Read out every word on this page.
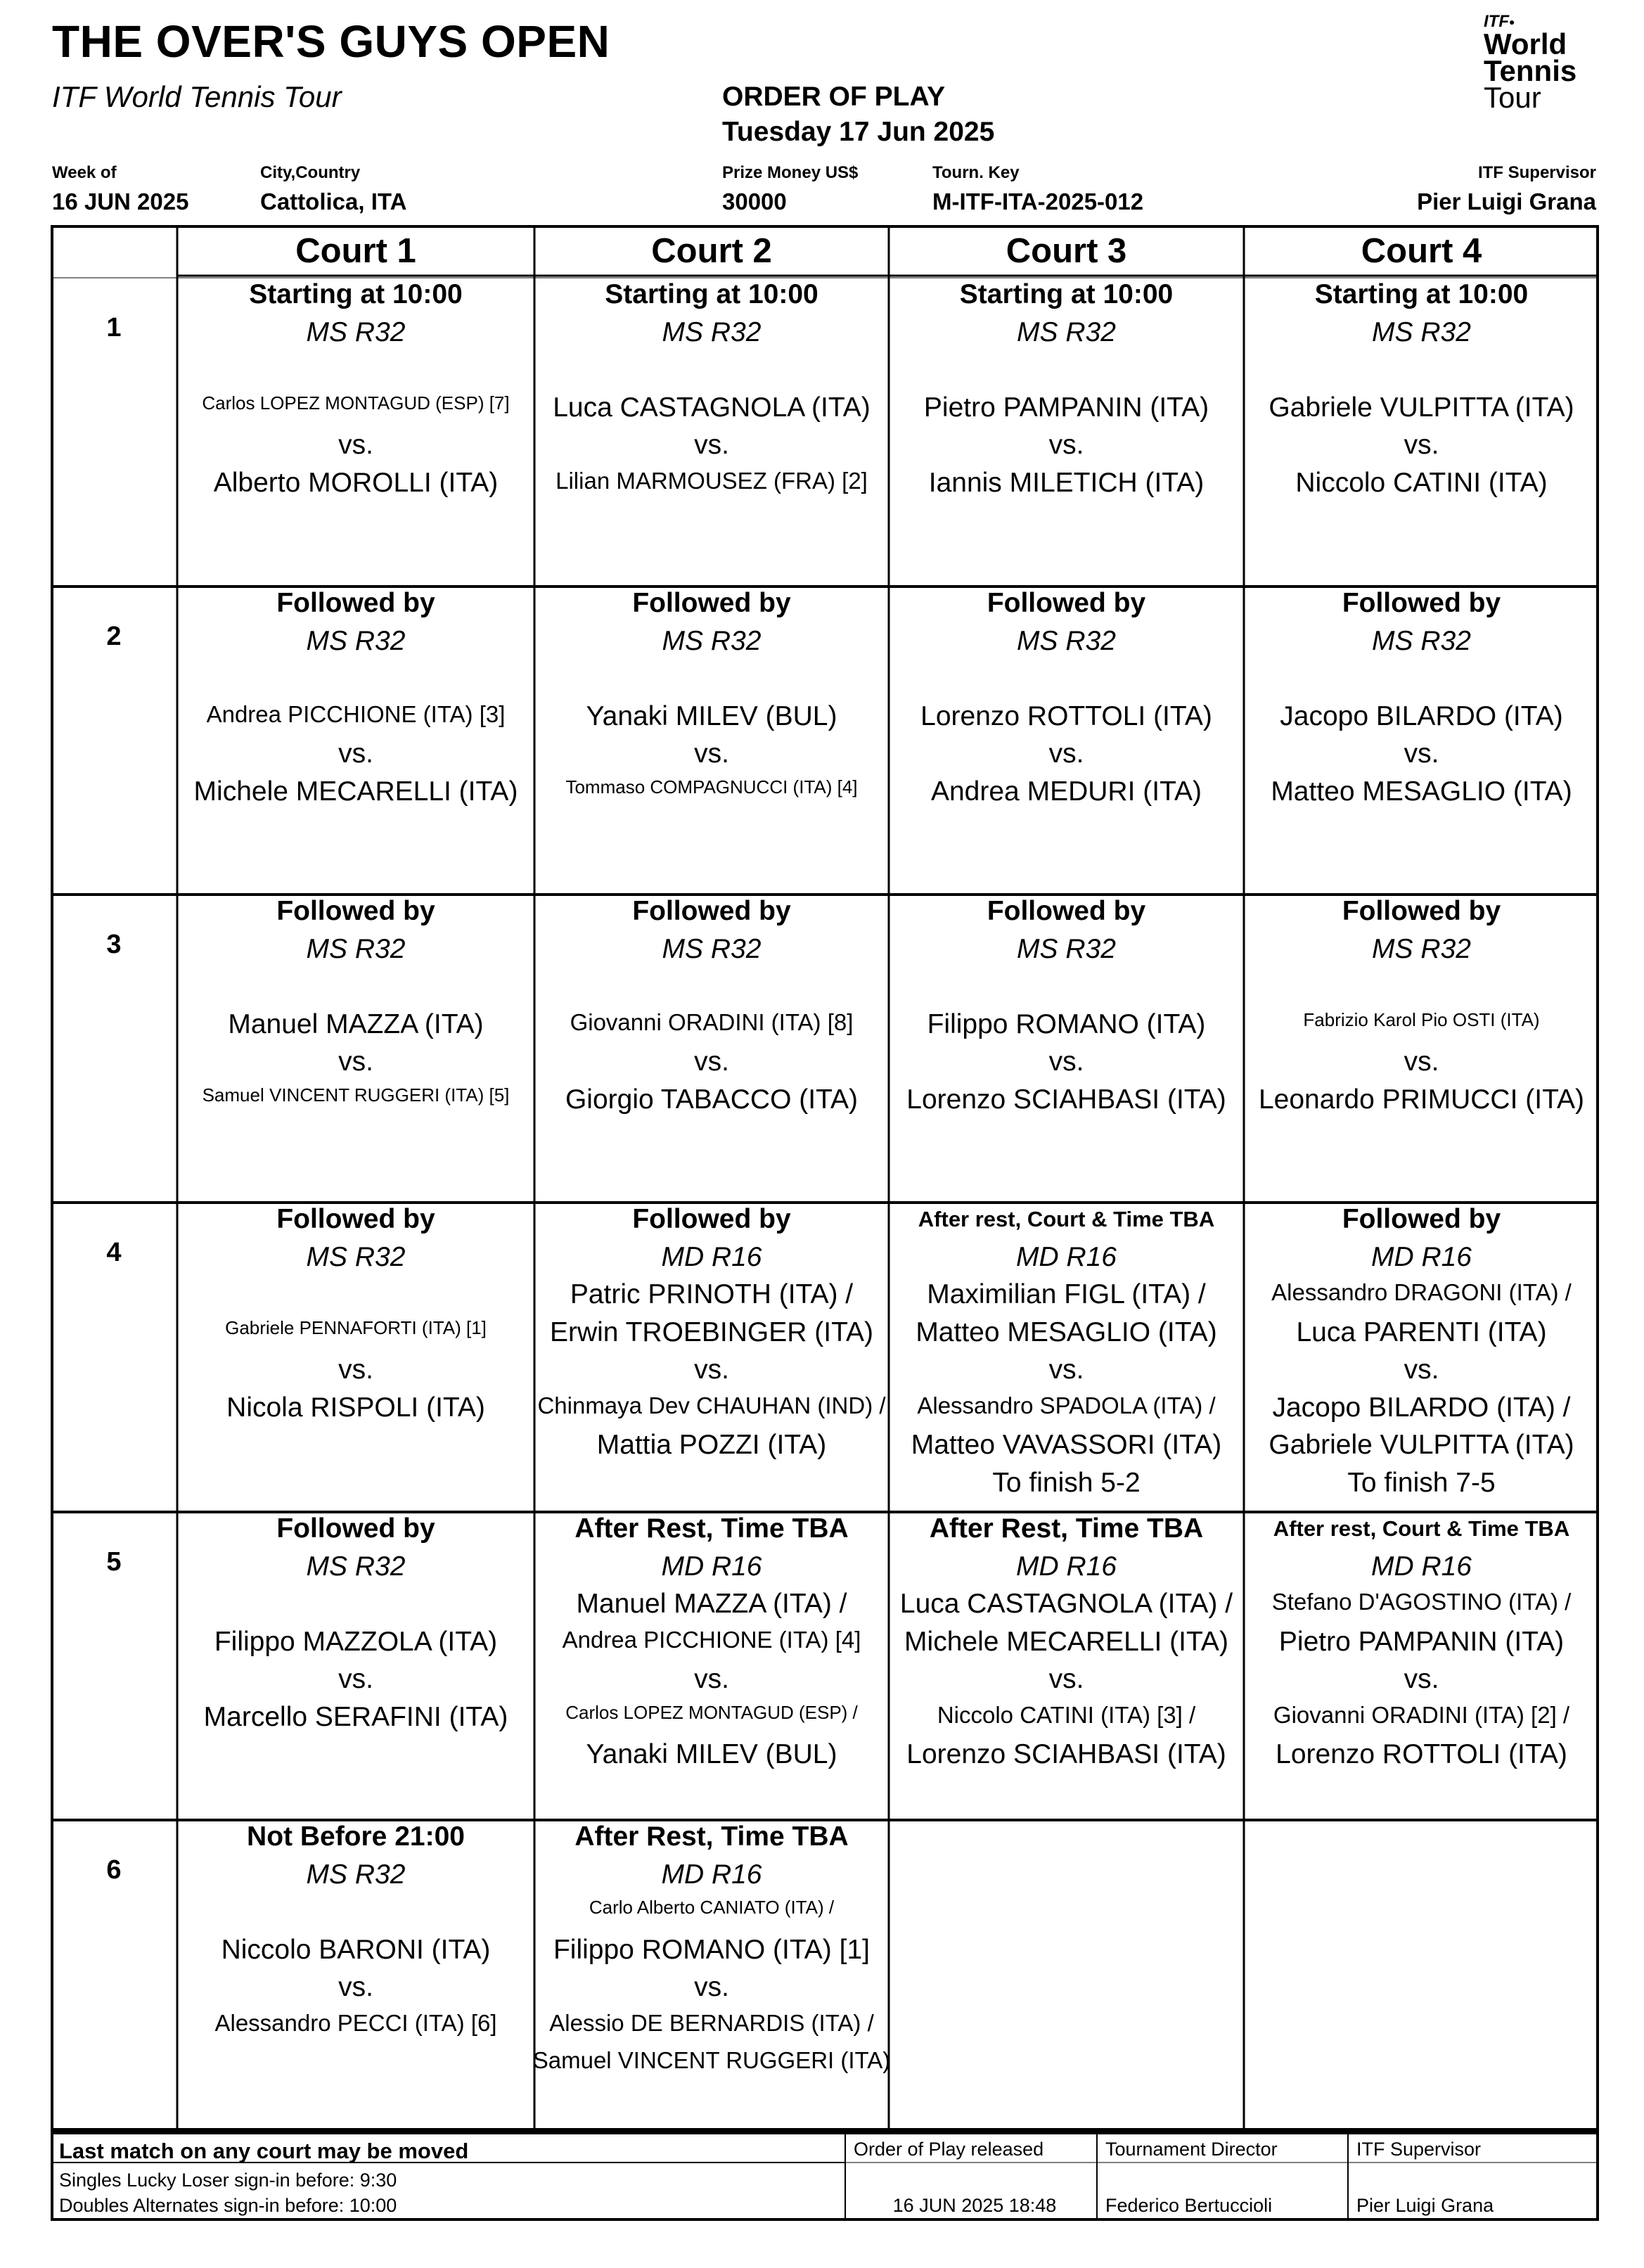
THE OVER'S GUYS OPEN
ITF World Tennis Tour	ORDER OF PLAY
Tuesday 17 Jun 2025
ITF●
World
Tennis
Tour
Week of
16 JUN 2025
City,Country
Cattolica, ITA
Prize Money US$
30000
Tourn. Key
M-ITF-ITA-2025-012
ITF Supervisor
Pier Luigi Grana
Court 1	Court 2	Court 3	Court 4
1
Starting at 10:00
MS R32
Carlos LOPEZ MONTAGUD (ESP) [7]
vs.
Alberto MOROLLI (ITA)
Starting at 10:00
MS R32
Luca CASTAGNOLA (ITA)
vs.
Lilian MARMOUSEZ (FRA) [2]
Starting at 10:00
MS R32
Pietro PAMPANIN (ITA)
vs.
Iannis MILETICH (ITA)
Starting at 10:00
MS R32
Gabriele VULPITTA (ITA)
vs.
Niccolo CATINI (ITA)
2
Followed by
MS R32
Andrea PICCHIONE (ITA) [3]
vs.
Michele MECARELLI (ITA)
Followed by
MS R32
Yanaki MILEV (BUL)
vs.
Tommaso COMPAGNUCCI (ITA) [4]
Followed by
MS R32
Lorenzo ROTTOLI (ITA)
vs.
Andrea MEDURI (ITA)
Followed by
MS R32
Jacopo BILARDO (ITA)
vs.
Matteo MESAGLIO (ITA)
3
Followed by
MS R32
Manuel MAZZA (ITA)
vs.
Samuel VINCENT RUGGERI (ITA) [5]
Followed by
MS R32
Giovanni ORADINI (ITA) [8]
vs.
Giorgio TABACCO (ITA)
Followed by
MS R32
Filippo ROMANO (ITA)
vs.
Lorenzo SCIAHBASI (ITA)
Followed by
MS R32
Fabrizio Karol Pio OSTI (ITA)
vs.
Leonardo PRIMUCCI (ITA)
4
Followed by
MS R32
Gabriele PENNAFORTI (ITA) [1]
vs.
Nicola RISPOLI (ITA)
Followed by
MD R16
Patric PRINOTH (ITA) /
Erwin TROEBINGER (ITA)
vs.
Chinmaya Dev CHAUHAN (IND) /
Mattia POZZI (ITA)
After rest, Court & Time TBA
MD R16
Maximilian FIGL (ITA) /
Matteo MESAGLIO (ITA)
vs.
Alessandro SPADOLA (ITA) /
Matteo VAVASSORI (ITA)
To finish 5-2
Followed by
MD R16
Alessandro DRAGONI (ITA) /
Luca PARENTI (ITA)
vs.
Jacopo BILARDO (ITA) /
Gabriele VULPITTA (ITA)
To finish 7-5
5
Followed by
MS R32
Filippo MAZZOLA (ITA)
vs.
Marcello SERAFINI (ITA)
After Rest, Time TBA
MD R16
Manuel MAZZA (ITA) /
Andrea PICCHIONE (ITA) [4]
vs.
Carlos LOPEZ MONTAGUD (ESP) /
Yanaki MILEV (BUL)
After Rest, Time TBA
MD R16
Luca CASTAGNOLA (ITA) /
Michele MECARELLI (ITA)
vs.
Niccolo CATINI (ITA) [3] /
Lorenzo SCIAHBASI (ITA)
After rest, Court & Time TBA
MD R16
Stefano D'AGOSTINO (ITA) /
Pietro PAMPANIN (ITA)
vs.
Giovanni ORADINI (ITA) [2] /
Lorenzo ROTTOLI (ITA)
6
Not Before 21:00
MS R32
Niccolo BARONI (ITA)
vs.
Alessandro PECCI (ITA) [6]
After Rest, Time TBA
MD R16
Carlo Alberto CANIATO (ITA) /
Filippo ROMANO (ITA) [1]
vs.
Alessio DE BERNARDIS (ITA) /
Samuel VINCENT RUGGERI (ITA)
Last match on any court may be moved
Singles Lucky Loser sign-in before: 9:30
Doubles Alternates sign-in before: 10:00
Order of Play released
16 JUN 2025 18:48
Tournament Director
Federico Bertuccioli
ITF Supervisor
Pier Luigi Grana
